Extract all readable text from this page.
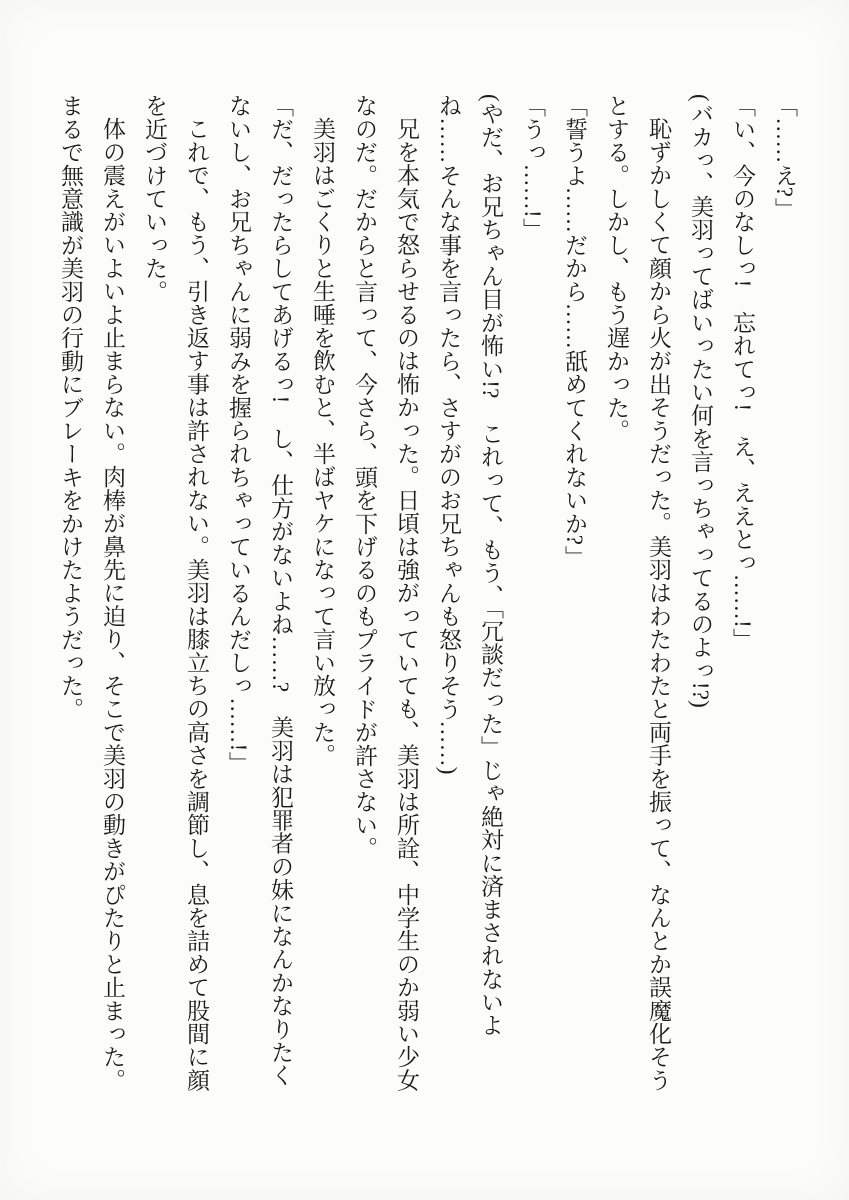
「……え?」

「い、今のなしっ!　忘れてっ!　え、ええとっ……!」

(バカっ、美羽ってばいったい何を言っちゃってるのよっ!?)

恥ずかしくて顔から火が出そうだった。美羽はわたわたと両手を振って、なんとか誤魔化そうとする。しかし、もう遅かった。

「誓うよ……だから……舐めてくれないか?」

「うっ……!」

(やだ、お兄ちゃん目が怖い!?　これって、もう、「冗談だった」じゃ絶対に済まされないよね……そんな事を言ったら、さすがのお兄ちゃんも怒りそう……)

兄を本気で怒らせるのは怖かった。日頃は強がっていても、美羽は所詮、中学生のか弱い少女なのだ。だからと言って、今さら、頭を下げるのもプライドが許さない。

美羽はごくりと生唾を飲むと、半ばヤケになって言い放った。

「だ、だったらしてあげるっ!　し、仕方がないよね……?　美羽は犯罪者の妹になんかなりたくないし、お兄ちゃんに弱みを握られちゃっているんだしっ……!」

これで、もう、引き返す事は許されない。美羽は膝立ちの高さを調節し、息を詰めて股間に顔を近づけていった。

体の震えがいよいよ止まらない。肉棒が鼻先に迫り、そこで美羽の動きがぴたりと止まった。まるで無意識が美羽の行動にブレーキをかけたようだった。
